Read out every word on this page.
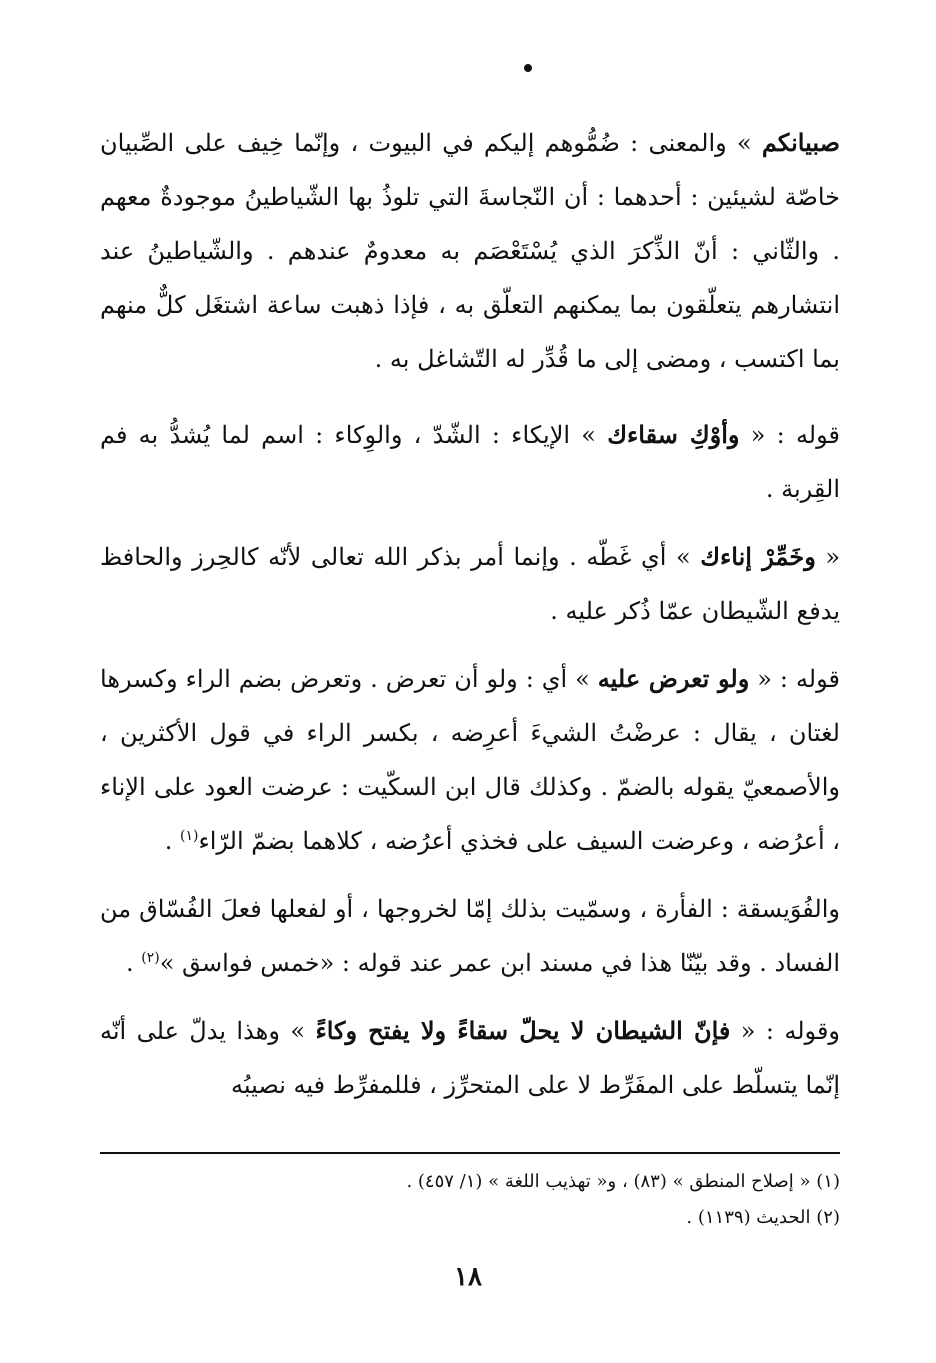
صبيانكم » والمعنى : ضُمُّوهم إليكم في البيوت ، وإنّما خِيف على الصِّبيان خاصّة لشيئين : أحدهما : أن النّجاسةَ التي تلوذُ بها الشّياطينُ موجودةٌ معهم . والثّاني : أنّ الذِّكرَ الذي يُسْتَعْصَم به معدومٌ عندهم . والشّياطينُ عند انتشارهم يتعلّقون بما يمكنهم التعلّق به ، فإذا ذهبت ساعة اشتغَل كلٌّ منهم بما اكتسب ، ومضى إلى ما قُدِّر له التّشاغل به .

قوله : « وأوْكِ سقاءك » الإيكاء : الشّدّ ، والوِكاء : اسم لما يُشدُّ به فم القِربة .

« وخَمِّرْ إناءك » أي غَطّه . وإنما أمر بذكر الله تعالى لأنّه كالحِرز والحافظ يدفع الشّيطان عمّا ذُكر عليه .

قوله : « ولو تعرض عليه » أي : ولو أن تعرض . وتعرض بضم الراء وكسرها لغتان ، يقال : عرضْتُ الشيءَ أعرِضه ، بكسر الراء في قول الأكثرين ، والأصمعيّ يقوله بالضمّ . وكذلك قال ابن السكّيت : عرضت العود على الإناء ، أعرُضه ، وعرضت السيف على فخذي أعرُضه ، كلاهما بضمّ الرّاء$^{(١)}$ .

والفُوَيسقة : الفأرة ، وسمّيت بذلك إمّا لخروجها ، أو لفعلها فعلَ الفُسّاق من الفساد . وقد بيّنّا هذا في مسند ابن عمر عند قوله : «خمس فواسق »$^{(٢)}$ .

وقوله : « فإنّ الشيطان لا يحلّ سقاءً ولا يفتح وكاءً » وهذا يدلّ على أنّه إنّما يتسلّط على المفَرِّط لا على المتحرِّز ، فللمفرِّط فيه نصيبُه

(١) « إصلاح المنطق » (٨٣) ، و« تهذيب اللغة » (١/ ٤٥٧) .

(٢) الحديث (١١٣٩) .

١٨
